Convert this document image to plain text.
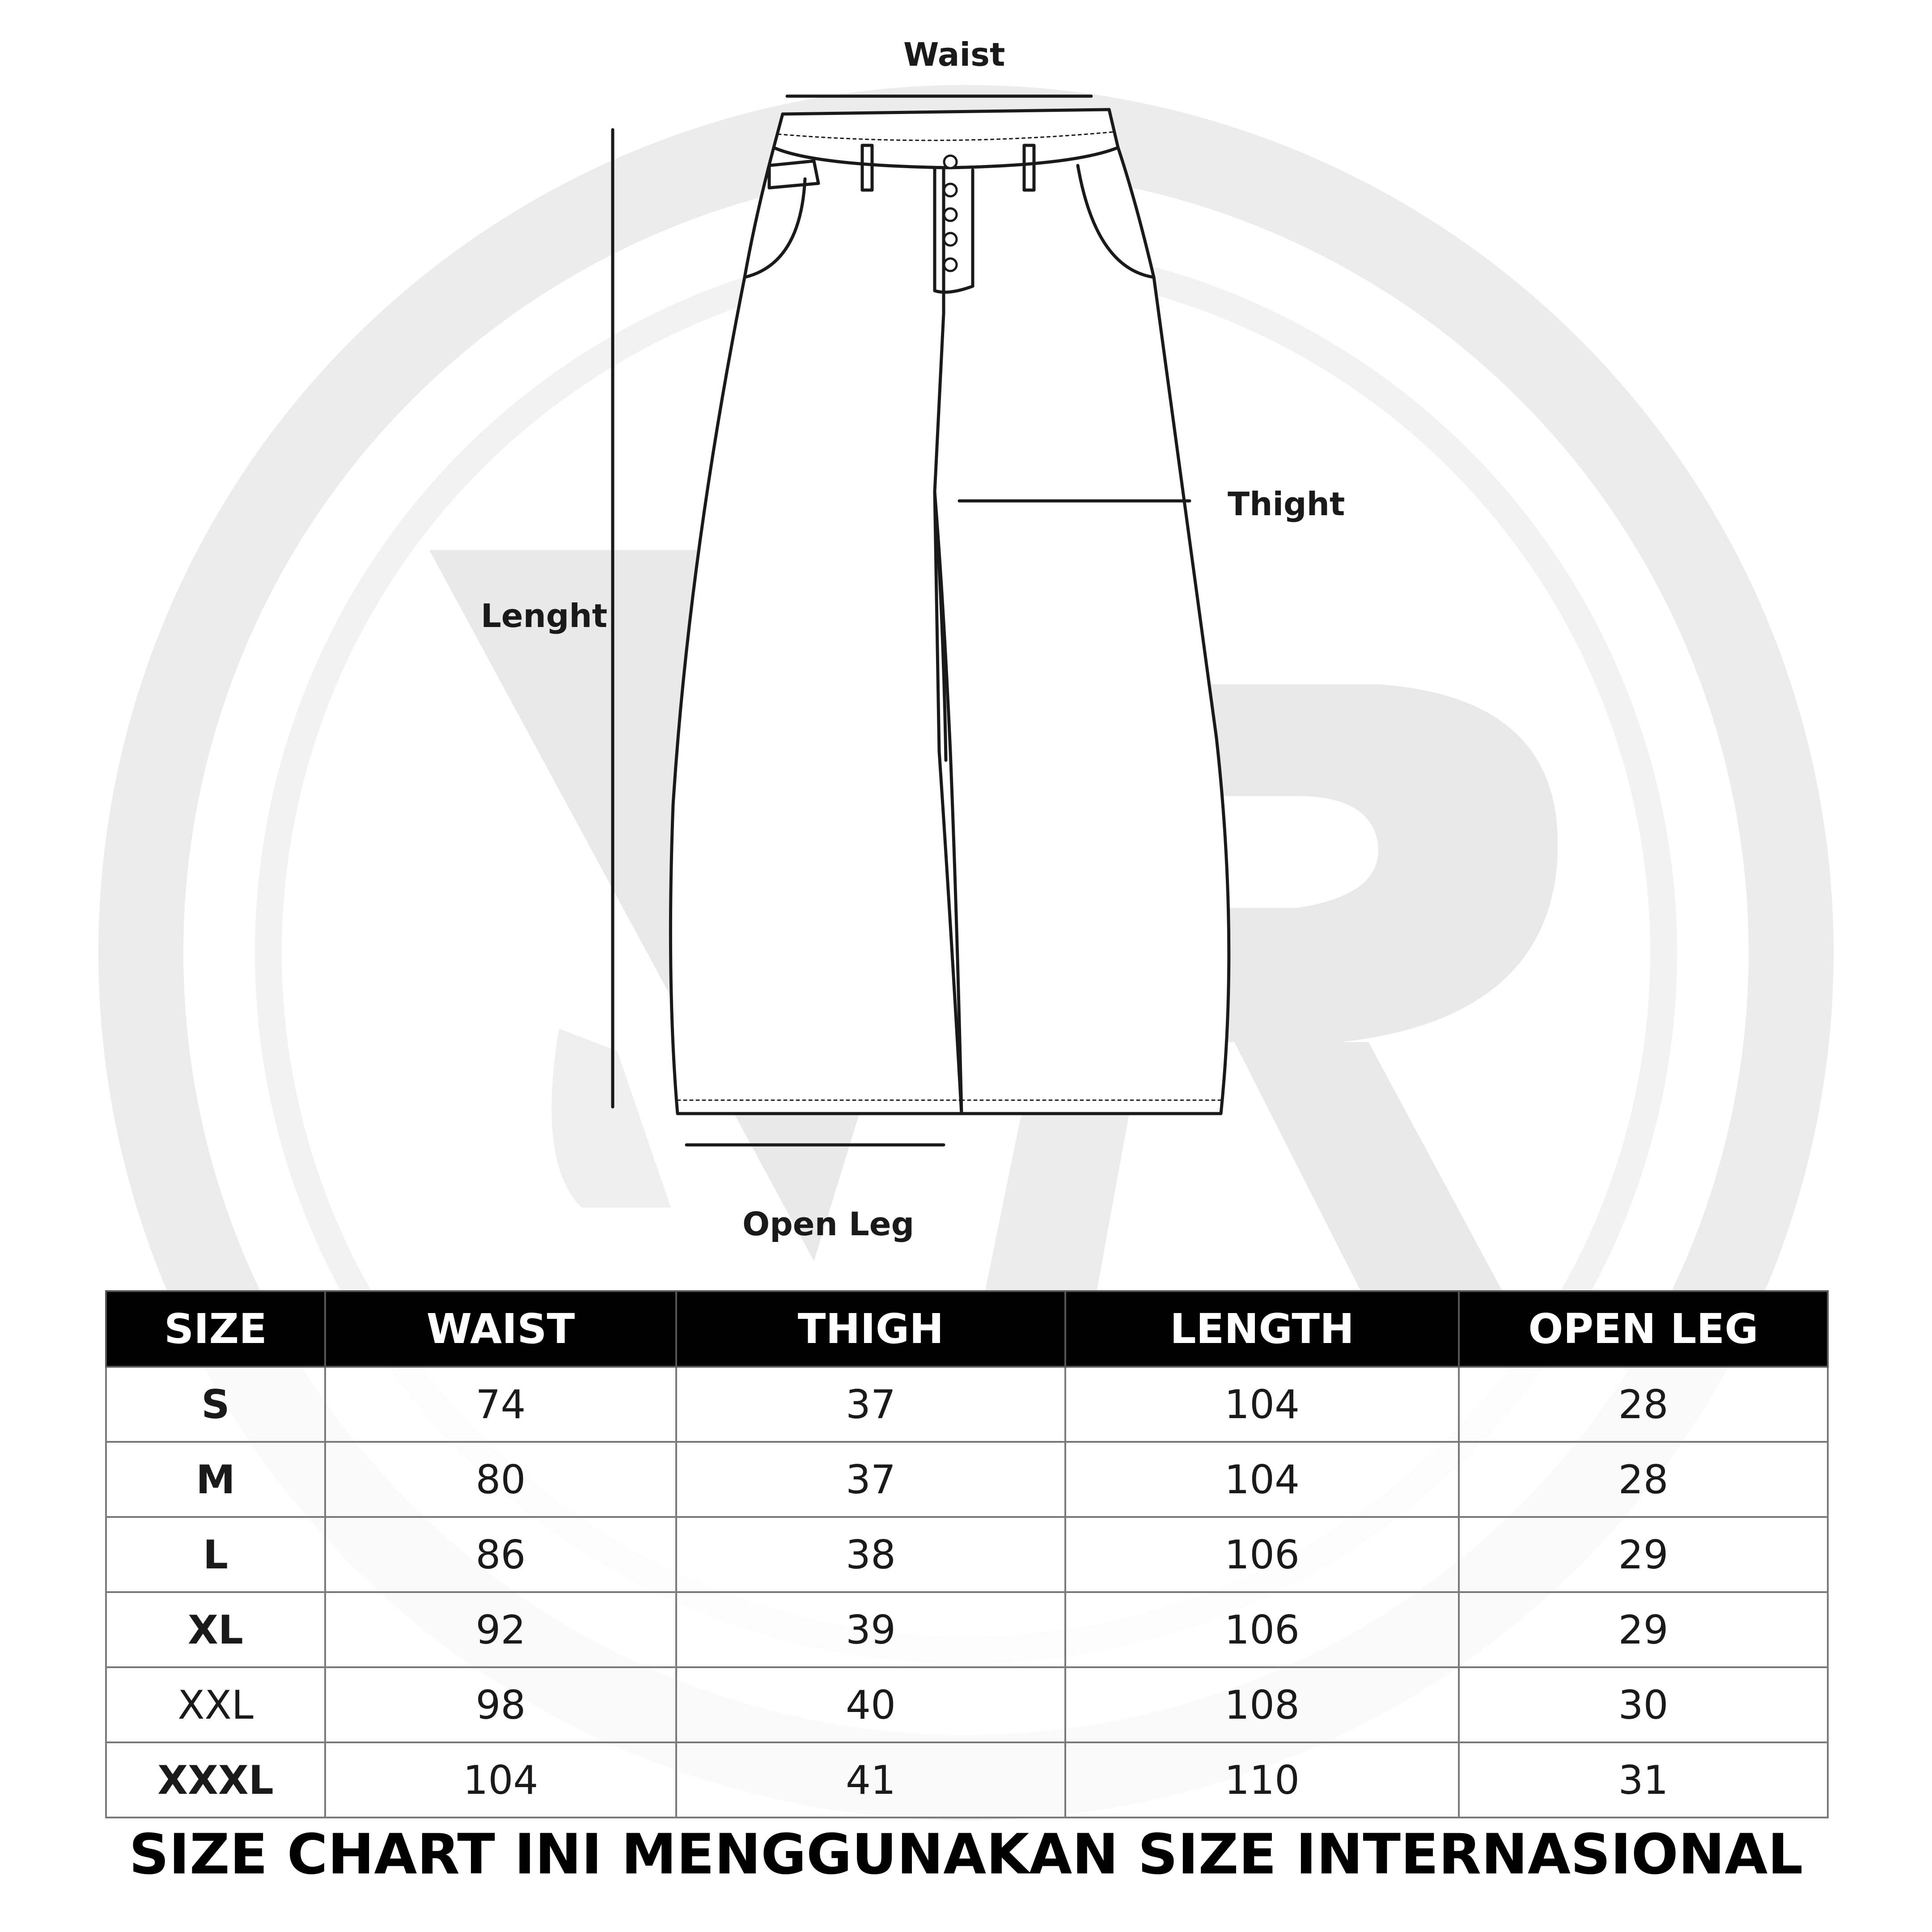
Waist
Thight
Lenght
Open Leg
SIZE	WAIST	THIGH	LENGTH	OPEN LEG
S	74	37	104	28
M	80	37	104	28
L	86	38	106	29
XL	92	39	106	29
XXL	98	40	108	30
XXXL	104	41	110	31
SIZE CHART INI MENGGUNAKAN SIZE INTERNASIONAL
